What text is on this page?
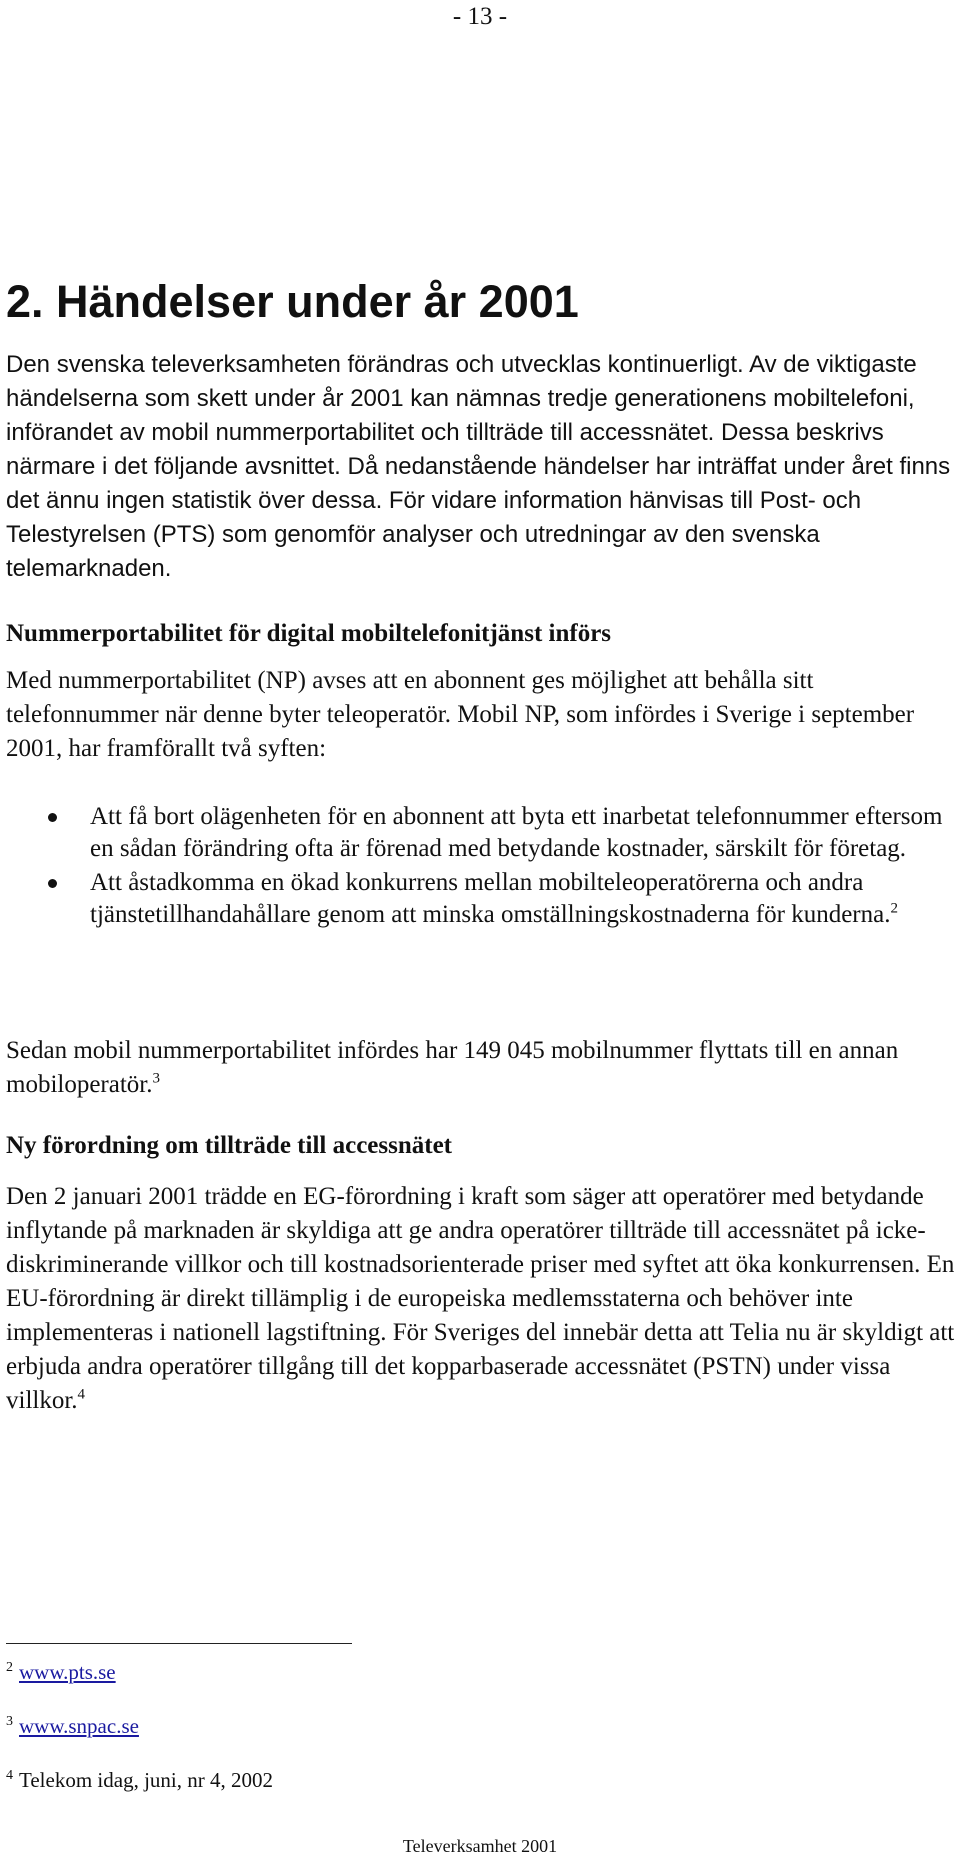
- 13 -
2. Händelser under år 2001

Den svenska televerksamheten förändras och utvecklas kontinuerligt. Av de viktigaste händelserna som skett under år 2001 kan nämnas tredje generationens mobiltelefoni, införandet av mobil nummerportabilitet och tillträde till accessnätet. Dessa beskrivs närmare i det följande avsnittet. Då nedanstående händelser har inträffat under året finns det ännu ingen statistik över dessa. För vidare information hänvisas till Post- och Telestyrelsen (PTS) som genomför analyser och utredningar av den svenska telemarknaden.

Nummerportabilitet för digital mobiltelefonitjänst införs

Med nummerportabilitet (NP) avses att en abonnent ges möjlighet att behålla sitt telefonnummer när denne byter teleoperatör. Mobil NP, som infördes i Sverige i september 2001, har framförallt två syften:

Att få bort olägenheten för en abonnent att byta ett inarbetat telefonnummer eftersom en sådan förändring ofta är förenad med betydande kostnader, särskilt för företag.
Att åstadkomma en ökad konkurrens mellan mobilteleoperatörerna och andra tjänstetillhandahållare genom att minska omställningskostnaderna för kunderna.$^2$

Sedan mobil nummerportabilitet infördes har 149 045 mobilnummer flyttats till en annan mobiloperatör.$^3$

Ny förordning om tillträde till accessnätet

Den 2 januari 2001 trädde en EG-förordning i kraft som säger att operatörer med betydande inflytande på marknaden är skyldiga att ge andra operatörer tillträde till accessnätet på icke-diskriminerande villkor och till kostnadsorienterade priser med syftet att öka konkurrensen. En EU-förordning är direkt tillämplig i de europeiska medlemsstaterna och behöver inte implementeras i nationell lagstiftning. För Sveriges del innebär detta att Telia nu är skyldigt att erbjuda andra operatörer tillgång till det kopparbaserade accessnätet (PSTN) under vissa villkor.$^4$

$^2$ www.pts.se

$^3$ www.snpac.se

$^4$ Telekom idag, juni, nr 4, 2002

Televerksamhet 2001
